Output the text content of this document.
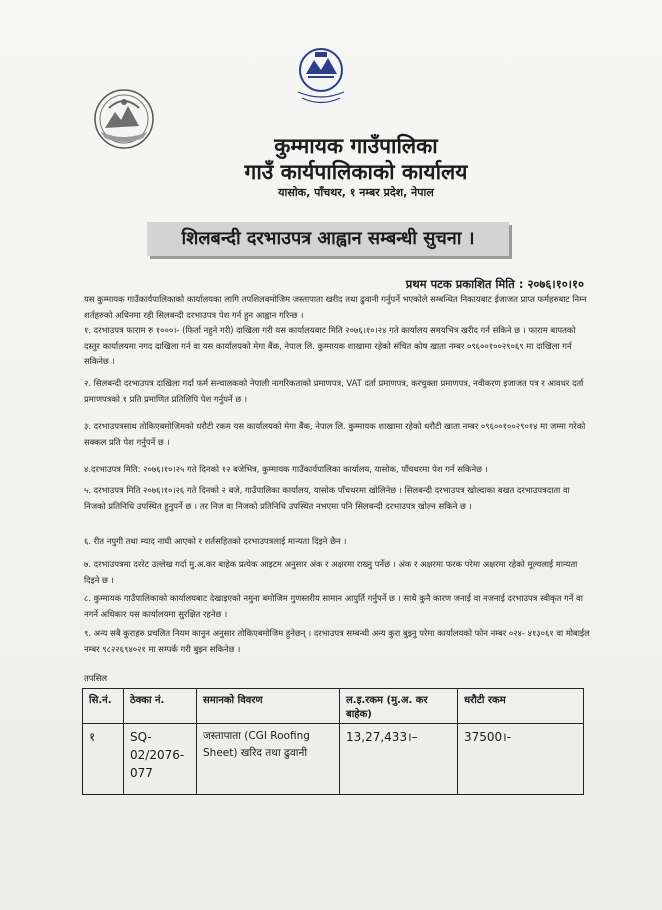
कुम्मायक गाउँपालिका
गाउँ कार्यपालिकाको कार्यालय
यासोक, पाँचथर, १ नम्बर प्रदेश, नेपाल
शिलबन्दी दरभाउपत्र आह्वान सम्बन्धी सुचना ।
प्रथम पटक प्रकाशित मिति : २०७६।१०।१०
यस कुम्मायक गाउँकार्यपालिकाको कार्यालयका लागि तपशिलबमोजिम जस्तापाता खरीद तथा ढुवानी गर्नुपर्ने भएकोले सम्बन्धित निकायबाट ईजाजत प्राप्त फर्महरुबाट निम्न शर्तहरुको अधिनमा रही सिलबन्दी दरभाउपत्र पेश गर्न हुन आह्वान गरिन्छ ।
१. दरभाउपत्र फाराम रु १०००।- (फिर्ता नहुने गरी) दाखिला गरी यस कार्यालयबाट मिति २०७६।१०।२४ गते कार्यालय समयभित्र खरीद गर्न सकिने छ । फाराम बापतको दस्तुर कार्यालयमा नगद दाखिला गर्न वा यस कार्यालयको मेगा बैंक, नेपाल लि. कुम्मायक शाखामा रहेको संचित कोष खाता नम्बर ०९६००१००२९०६९ मा दाखिला गर्न सकिनेछ ।
२. सिलबन्दी दरभाउपत्र दाखिला गर्दा फर्म सन्चालकको नेपाली नागरिकताको प्रमाणपत्र, VAT दर्ता प्रमाणपत्र, करचुक्ता प्रमाणपत्र, नवीकरण इजाजत पत्र र आवधर दर्ता प्रमाणपत्रको १ प्रति प्रमाणित प्रतिलिपि पेश गर्नुपर्ने छ ।
३. दरभाउपत्रसाथ तोकिएबमोजिमको धरौटी रकम यस कार्यालयको मेगा बैंक, नेपाल लि. कुम्मायक शाखामा रहेको धरौटी खाता नम्बर ०९६००१००२९०१४ मा जम्मा गरेको सक्कल प्रति पेश गर्नुपर्ने छ ।
४.दरभाउपत्र मिति: २०७६।१०।२५ गते दिनको १२ बजेभित्र, कुम्मायक गाउँकार्यपालिका कार्यालय, यासोक, पाँचथरमा पेश गर्न सकिनेछ ।
५. दरभाउपत्र मिति २०७६।१०।२६ गते दिनको २ बजे, गाउँपालिका कार्यालय, यासोक पाँचथरमा खोलिनेछ । सिलबन्दी दरभाउपत्र खोल्दाका बखत दरभाउपत्रदाता वा निजको प्रतिनिधि उपस्थित हुनुपर्ने छ । तर निज वा निजको प्रतिनिधि उपस्थित नभएमा पनि सिलबन्दी दरभाउपत्र खोल्न सकिने छ ।
६. रीत नपुगी तथा म्याद नाघी आएको र शर्तसहितको दरभाउपत्रलाई मान्यता दिइने छैन ।
७. दरभाउपत्रमा दररेट उल्लेख गर्दा मु.अ.कर बाहेक प्रत्येक आइटम अनुसार अंक र अक्षरमा राख्नु पर्नेछ । अंक र अक्षरमा फरक परेमा अक्षरमा रहेको मूल्यलाई मान्यता दिइने छ ।
८. कुम्मायक गाउँपालिकाको कार्यालयबाट देखाइएको नमुना बमोजिम गुणस्तरीय सामान आपुर्ति गर्नुपर्ने छ । साथै कुनै कारण जनाई वा नजनाई दरभाउपत्र स्वीकृत गर्ने वा नगर्ने अधिकार यस कार्यालयमा सुरक्षित रहनेछ ।
९. अन्य सबै कुराहरु प्रचलित नियम कानुन अनुसार तोकिएबमोजिम हुनेछन् । दरभाउपत्र सम्बन्धी अन्य कुरा बुझ्नु परेमा कार्यालयको फोन नम्बर ०२४- ४१३०६१ वा मोबाईल नम्बर ९८२२६९४०२१ मा सम्पर्क गरी बुझ्न सकिनेछ ।
तपसिल
सि.नं.	ठेक्का नं.	समानको विवरण	ल.इ.रकम (मु.अ. कर बाहेक)	धरौटी रकम
१	SQ-02/2076-077	जस्तापाता (CGI Roofing Sheet) खरिद तथा ढुवानी	13,27,433।–	37500।-
